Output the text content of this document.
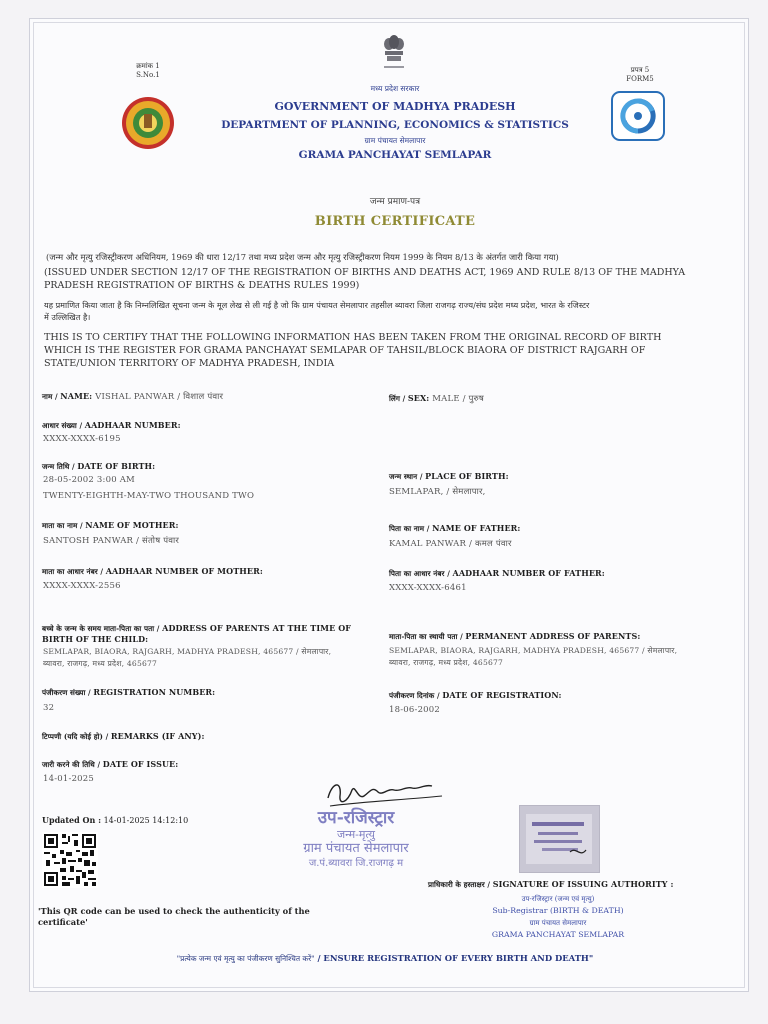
क्रमांक 1
S.No.1
प्रपत्र 5
FORM5
मध्य प्रदेश सरकार
GOVERNMENT OF MADHYA PRADESH
DEPARTMENT OF PLANNING, ECONOMICS & STATISTICS
ग्राम पंचायत सेमलापार
GRAMA PANCHAYAT SEMLAPAR
जन्म प्रमाण-पत्र
BIRTH CERTIFICATE
(जन्म और मृत्यु रजिस्ट्रीकरण अधिनियम, 1969 की धारा 12/17 तथा मध्य प्रदेश जन्म और मृत्यु रजिस्ट्रीकरण नियम 1999 के नियम 8/13 के अंतर्गत जारी किया गया)
(ISSUED UNDER SECTION 12/17 OF THE REGISTRATION OF BIRTHS AND DEATHS ACT, 1969 AND RULE 8/13 OF THE MADHYA
PRADESH REGISTRATION OF BIRTHS & DEATHS RULES 1999)
यह प्रमाणित किया जाता है कि निम्नलिखित सूचना जन्म के मूल लेख से ली गई है जो कि ग्राम पंचायत सेमलापार तहसील ब्यावरा जिला राजगढ़ राज्य/संघ प्रदेश मध्य प्रदेश, भारत के रजिस्टर
में उल्लिखित है।
THIS IS TO CERTIFY THAT THE FOLLOWING INFORMATION HAS BEEN TAKEN FROM THE ORIGINAL RECORD OF BIRTH
WHICH IS THE REGISTER FOR GRAMA PANCHAYAT SEMLAPAR OF TAHSIL/BLOCK BIAORA OF DISTRICT RAJGARH OF
STATE/UNION TERRITORY OF MADHYA PRADESH, INDIA
नाम / NAME: VISHAL PANWAR / विशाल पंवार	लिंग / SEX: MALE / पुरुष
आधार संख्या / AADHAAR NUMBER:
XXXX-XXXX-6195
जन्म तिथि / DATE OF BIRTH:
28-05-2002 3:00 AM
TWENTY-EIGHTH-MAY-TWO THOUSAND TWO
जन्म स्थान / PLACE OF BIRTH:
SEMLAPAR, / सेमलापार,
माता का नाम / NAME OF MOTHER:
SANTOSH PANWAR / संतोष पंवार
पिता का नाम / NAME OF FATHER:
KAMAL PANWAR / कमल पंवार
माता का आधार नंबर / AADHAAR NUMBER OF MOTHER:
XXXX-XXXX-2556
पिता का आधार नंबर / AADHAAR NUMBER OF FATHER:
XXXX-XXXX-6461
बच्चे के जन्म के समय माता-पिता का पता / ADDRESS OF PARENTS AT THE TIME OF
BIRTH OF THE CHILD:
SEMLAPAR, BIAORA, RAJGARH, MADHYA PRADESH, 465677 / सेमलापार,
ब्यावरा, राजगढ़, मध्य प्रदेश, 465677
माता-पिता का स्थायी पता / PERMANENT ADDRESS OF PARENTS:
SEMLAPAR, BIAORA, RAJGARH, MADHYA PRADESH, 465677 / सेमलापार,
ब्यावरा, राजगढ़, मध्य प्रदेश, 465677
पंजीकरण संख्या / REGISTRATION NUMBER:
32
पंजीकरण दिनांक / DATE OF REGISTRATION:
18-06-2002
टिप्पणी (यदि कोई हो) / REMARKS (IF ANY):
जारी करने की तिथि / DATE OF ISSUE:
14-01-2025
Updated On : 14-01-2025 14:12:10
'This QR code can be used to check the authenticity of the
certificate'
उप-रजिस्ट्रार
जन्म-मृत्यु
ग्राम पंचायत सेमलापार
ज.पं.ब्यावरा जि.राजगढ़ म
प्राधिकारी के हस्ताक्षर / SIGNATURE OF ISSUING AUTHORITY :
उप-रजिस्ट्रार (जन्म एवं मृत्यु)
Sub-Registrar (BIRTH & DEATH)
ग्राम पंचायत सेमलापार
GRAMA PANCHAYAT SEMLAPAR
"प्रत्येक जन्म एवं मृत्यु का पंजीकरण सुनिश्चित करें" / ENSURE REGISTRATION OF EVERY BIRTH AND DEATH"
